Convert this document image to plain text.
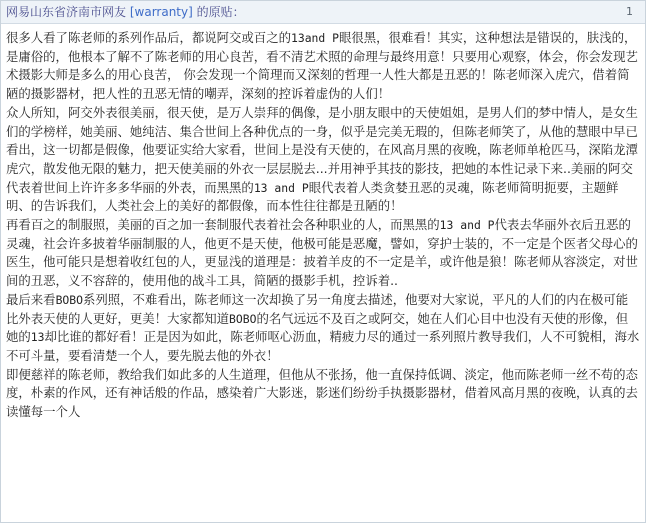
网易山东省济南市网友 [warranty] 的原贴：	1

很多人看了陈老师的系列作品后，都说阿交或百之的13and P眼很黑，很难看！其实，这种想法是错误的，肤浅的，是庸俗的，他根本了解不了陈老师的用心良苦，看不清艺术照的命理与最终用意！只要用心观察，体会，你会发现艺术摄影大师是多么的用心良苦， 你会发现一个简理而又深刻的哲理一人性大都是丑恶的！陈老师深入虎穴，借着简陋的摄影器材，把人性的丑恶无情的嘲弄，深刻的控诉着虚伪的人们！

众人所知，阿交外表很美丽，很天使，是万人崇拜的偶像，是小朋友眼中的天使姐姐，是男人们的梦中情人，是女生们的学榜样，她美丽、她纯洁、集合世间上各种优点的一身，似乎是完美无瑕的，但陈老师笑了，从他的慧眼中早已看出，这一切都是假像，他要证实给大家看，世间上是没有天使的，在风高月黑的夜晚，陈老师单枪匹马，深陷龙潭虎穴，散发他无限的魅力，把天使美丽的外衣一层层脱去...并用神乎其技的影技，把她的本性记录下来..美丽的阿交代表着世间上许许多多华丽的外表，而黑黑的13 and P眼代表着人类贪婪丑恶的灵魂，陈老师简明扼要，主题鲜明、的告诉我们，人类社会上的美好的都假像，而本性往往都是丑陋的！

再看百之的制服照，美丽的百之加一套制服代表着社会各种职业的人，而黑黑的13 and P代表去华丽外衣后丑恶的灵魂，社会许多披着华丽制服的人，他更不是天使，他极可能是恶魔，譬如，穿护士装的，不一定是个医者父母心的医生，他可能只是想着收红包的人，更显浅的道理是：披着羊皮的不一定是羊，或许他是狼！陈老师从容淡定，对世间的丑恶，义不容辞的，使用他的战斗工具，简陋的摄影手机，控诉着..

最后来看BOBO系列照，不难看出，陈老师这一次却换了另一角度去描述，他要对大家说，平凡的人们的内在极可能比外表天使的人更好，更美！大家都知道BOBO的名气远远不及百之或阿交，她在人们心目中也没有天使的形像，但她的13却比谁的都好看！正是因为如此，陈老师呕心沥血，精疲力尽的通过一系列照片教导我们，人不可貌相，海水不可斗量，要看清楚一个人，要先脱去他的外衣！

即便慈祥的陈老师，教给我们如此多的人生道理，但他从不张扬，他一直保持低调、淡定，他而陈老师一丝不苟的态度，朴素的作风，还有神话般的作品，感染着广大影迷，影迷们纷纷手执摄影器材，借着风高月黑的夜晚，认真的去读懂每一个人
